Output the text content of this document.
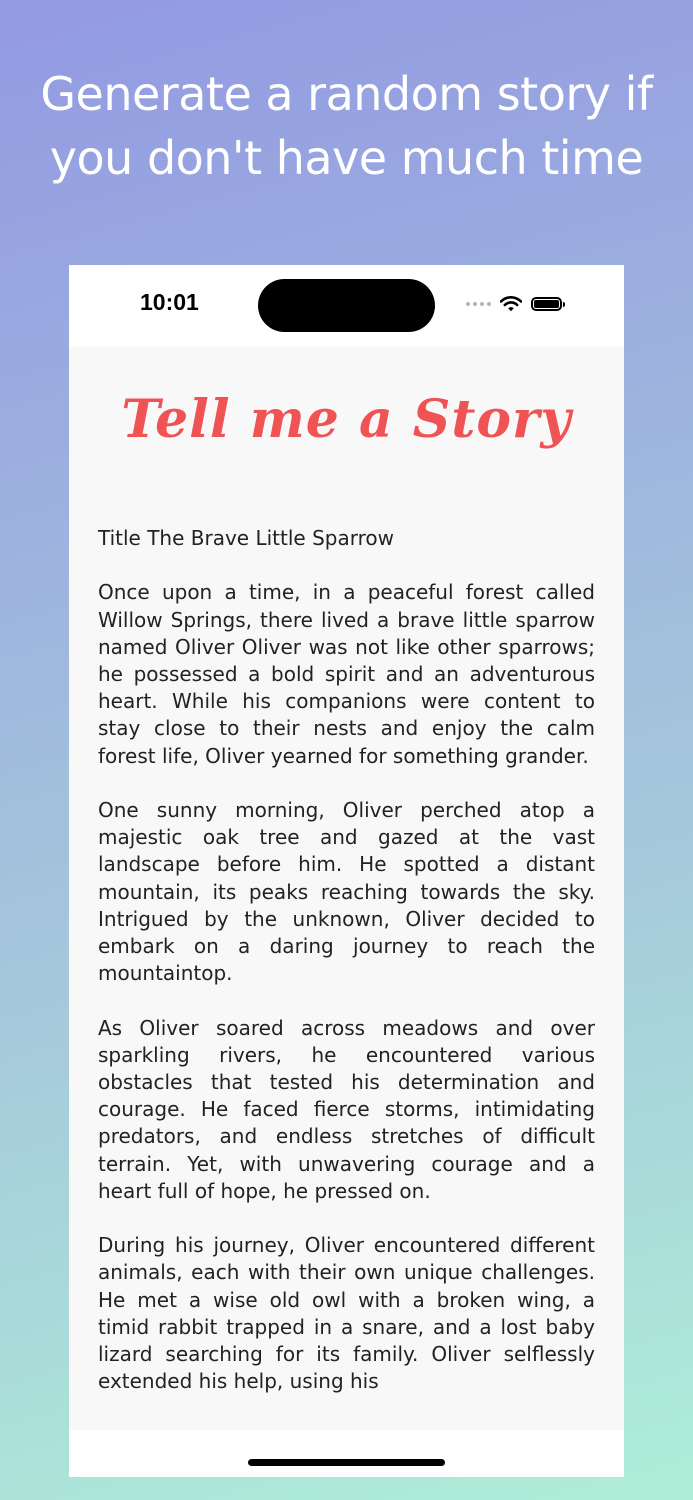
Generate a random story if
you don't have much time
10:01
Tell me a Story

Title The Brave Little Sparrow

Once upon a time, in a peaceful forest called Willow Springs, there lived a brave little sparrow named Oliver Oliver was not like other sparrows; he possessed a bold spirit and an adventurous heart. While his companions were content to stay close to their nests and enjoy the calm forest life, Oliver yearned for something grander.

One sunny morning, Oliver perched atop a majestic oak tree and gazed at the vast landscape before him. He spotted a distant mountain, its peaks reaching towards the sky. Intrigued by the unknown, Oliver decided to embark on a daring journey to reach the mountaintop.

As Oliver soared across meadows and over sparkling rivers, he encountered various obstacles that tested his determination and courage. He faced fierce storms, intimidating predators, and endless stretches of difficult terrain. Yet, with unwavering courage and a heart full of hope, he pressed on.

During his journey, Oliver encountered different animals, each with their own unique challenges. He met a wise old owl with a broken wing, a timid rabbit trapped in a snare, and a lost baby lizard searching for its family. Oliver selflessly extended his help, using his
